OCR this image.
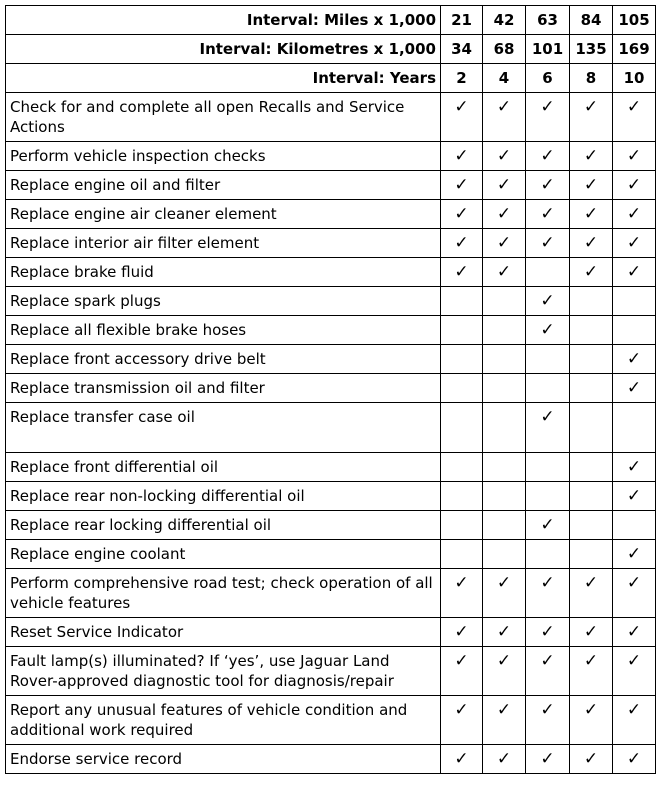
Interval: Miles x 1,000	21	42	63	84	105
Interval: Kilometres x 1,000	34	68	101	135	169
Interval: Years	2	4	6	8	10
Check for and complete all open Recalls and Service Actions	✓	✓	✓	✓	✓
Perform vehicle inspection checks	✓	✓	✓	✓	✓
Replace engine oil and filter	✓	✓	✓	✓	✓
Replace engine air cleaner element	✓	✓	✓	✓	✓
Replace interior air filter element	✓	✓	✓	✓	✓
Replace brake fluid	✓	✓		✓	✓
Replace spark plugs			✓		
Replace all flexible brake hoses			✓		
Replace front accessory drive belt					✓
Replace transmission oil and filter					✓
Replace transfer case oil			✓		
Replace front differential oil					✓
Replace rear non-locking differential oil					✓
Replace rear locking differential oil			✓		
Replace engine coolant					✓
Perform comprehensive road test; check operation of all vehicle features	✓	✓	✓	✓	✓
Reset Service Indicator	✓	✓	✓	✓	✓
Fault lamp(s) illuminated? If ‘yes’, use Jaguar Land Rover-approved diagnostic tool for diagnosis/repair	✓	✓	✓	✓	✓
Report any unusual features of vehicle condition and additional work required	✓	✓	✓	✓	✓
Endorse service record	✓	✓	✓	✓	✓
